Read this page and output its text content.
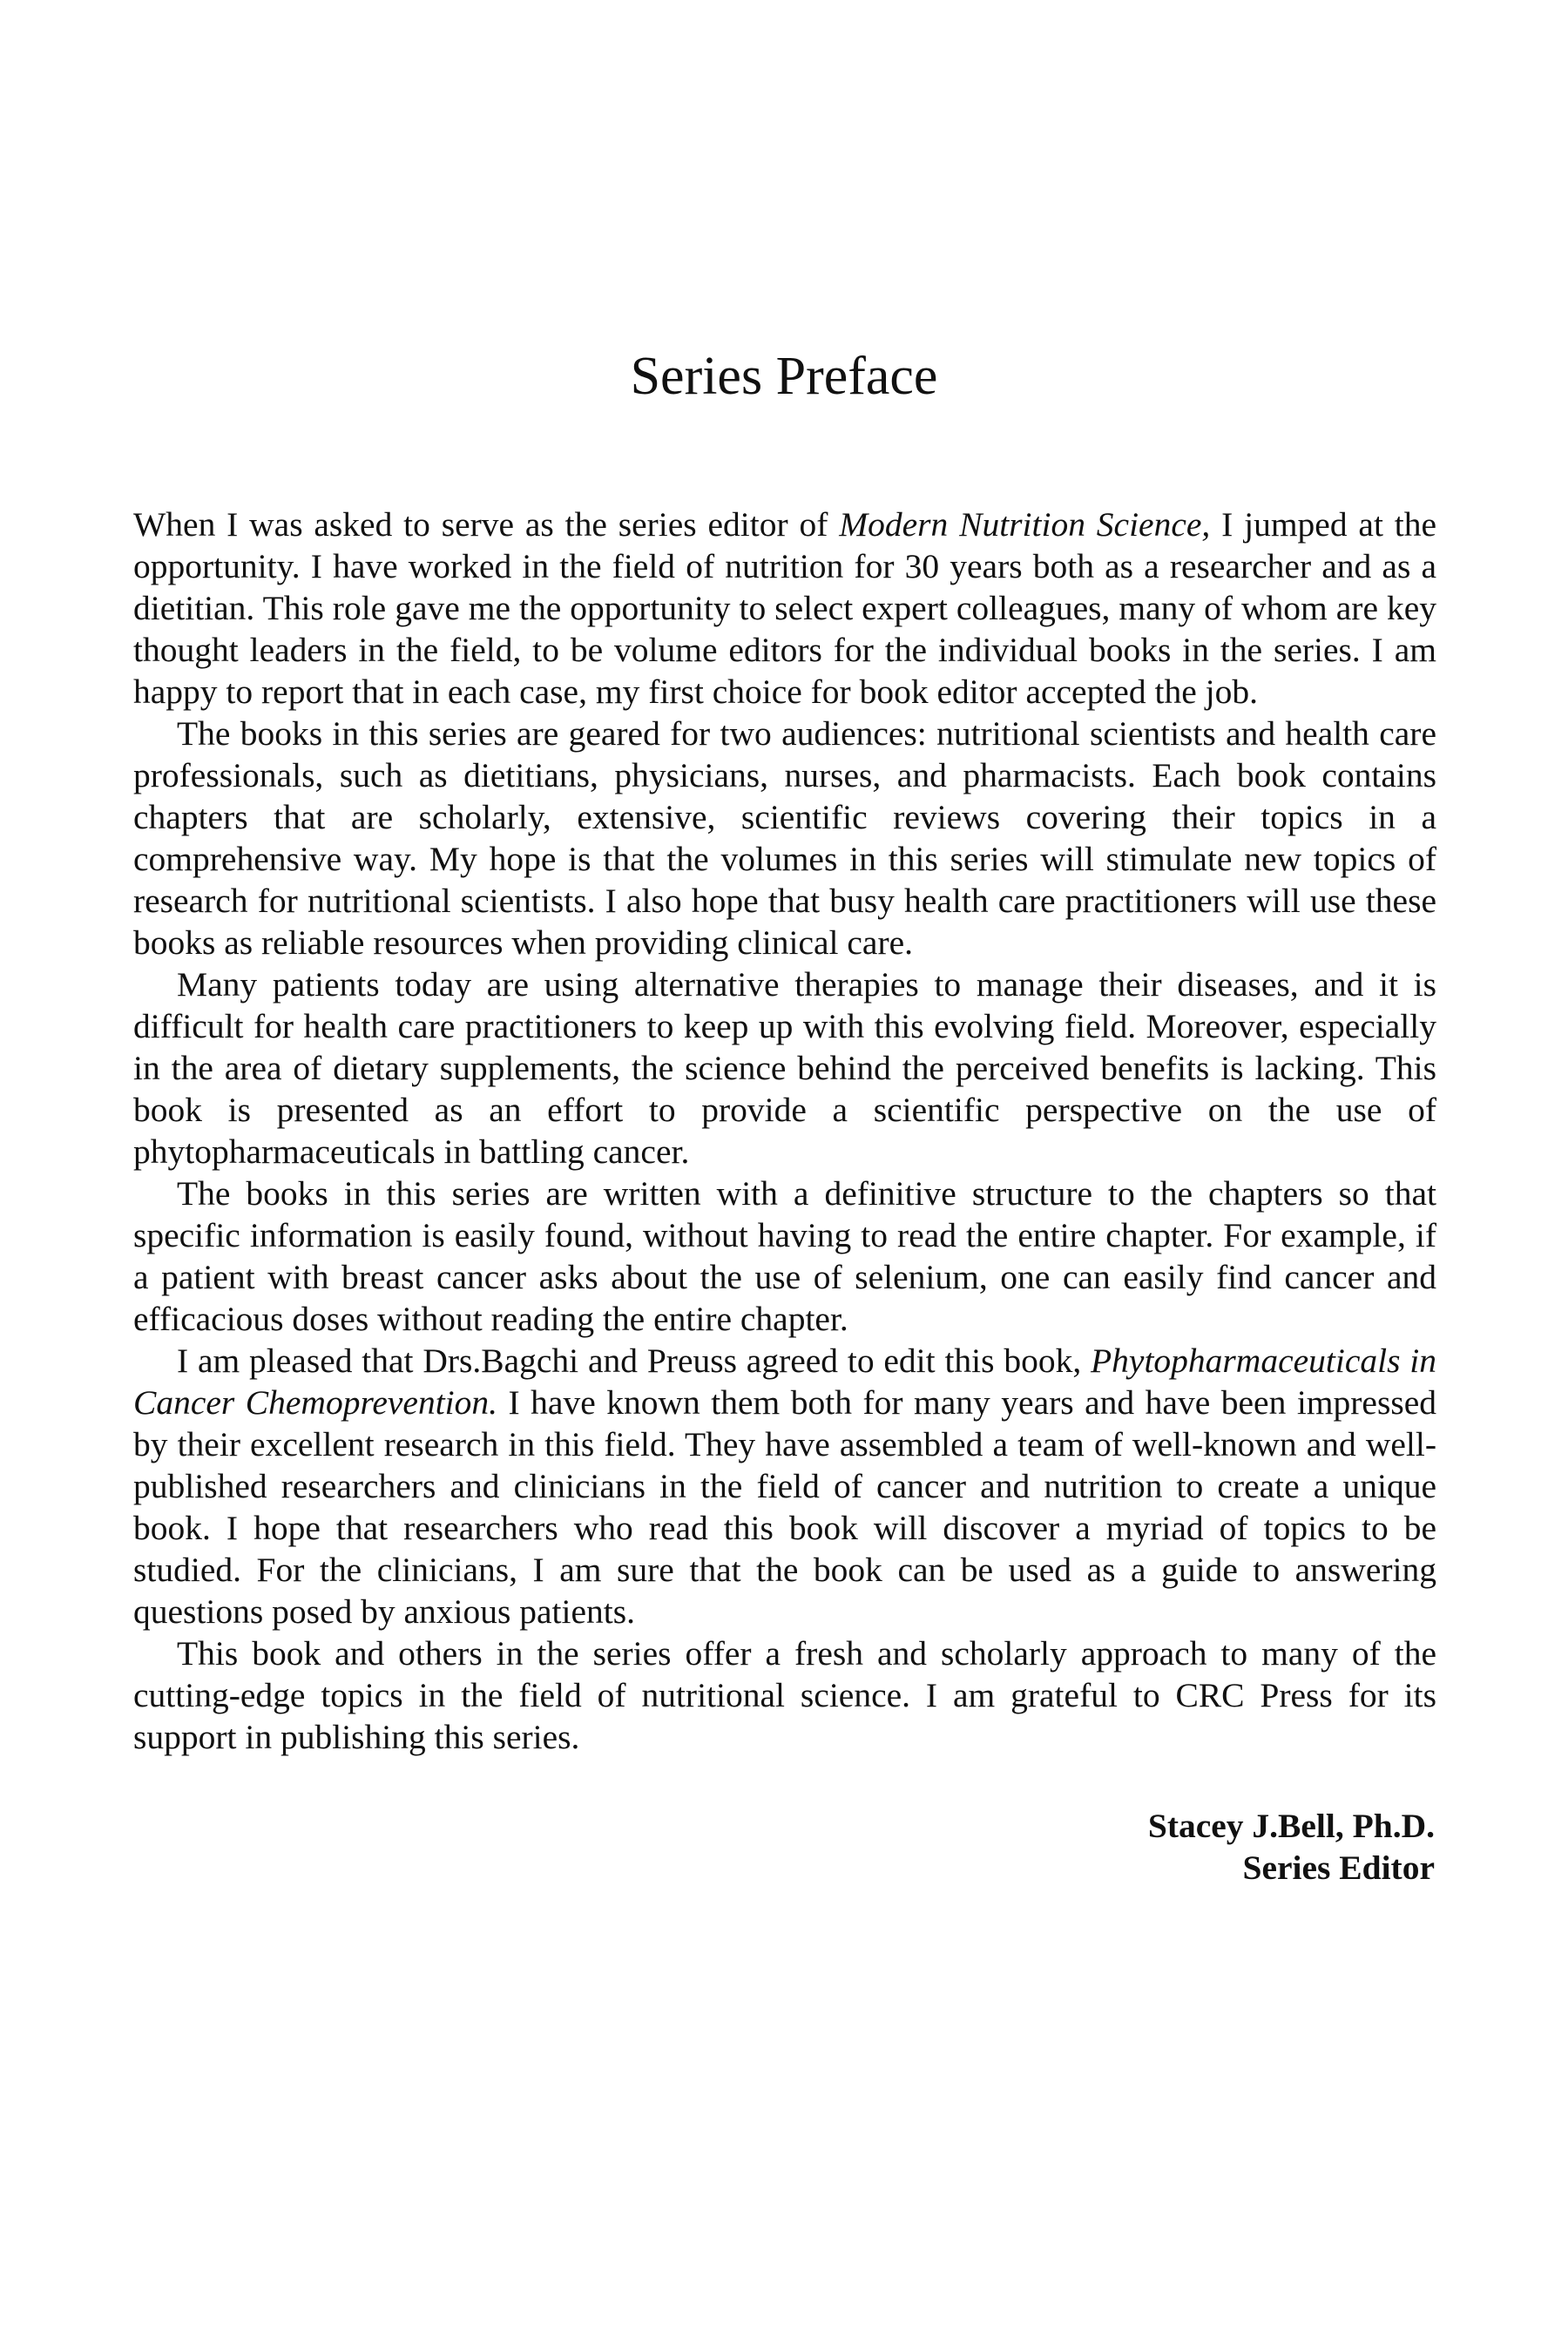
Series Preface

When I was asked to serve as the series editor of Modern Nutrition Science, I jumped at the opportunity. I have worked in the field of nutrition for 30 years both as a researcher and as a dietitian. This role gave me the opportunity to select expert colleagues, many of whom are key thought leaders in the field, to be volume editors for the individual books in the series. I am happy to report that in each case, my first choice for book editor accepted the job.

The books in this series are geared for two audiences: nutritional scientists and health care professionals, such as dietitians, physicians, nurses, and pharmacists. Each book contains chapters that are scholarly, extensive, scientific reviews covering their topics in a comprehensive way. My hope is that the volumes in this series will stimulate new topics of research for nutritional scientists. I also hope that busy health care practitioners will use these books as reliable resources when providing clinical care.

Many patients today are using alternative therapies to manage their diseases, and it is difficult for health care practitioners to keep up with this evolving field. Moreover, especially in the area of dietary supplements, the science behind the perceived benefits is lacking. This book is presented as an effort to provide a scientific perspective on the use of phytopharmaceuticals in battling cancer.

The books in this series are written with a definitive structure to the chapters so that specific information is easily found, without having to read the entire chapter. For example, if a patient with breast cancer asks about the use of selenium, one can easily find cancer and efficacious doses without reading the entire chapter.

I am pleased that Drs.Bagchi and Preuss agreed to edit this book, Phytopharmaceuticals in Cancer Chemoprevention. I have known them both for many years and have been impressed by their excellent research in this field. They have assembled a team of well-known and well-published researchers and clinicians in the field of cancer and nutrition to create a unique book. I hope that researchers who read this book will discover a myriad of topics to be studied. For the clinicians, I am sure that the book can be used as a guide to answering questions posed by anxious patients.

This book and others in the series offer a fresh and scholarly approach to many of the cutting-edge topics in the field of nutritional science. I am grateful to CRC Press for its support in publishing this series.

Stacey J.Bell, Ph.D.
Series Editor
